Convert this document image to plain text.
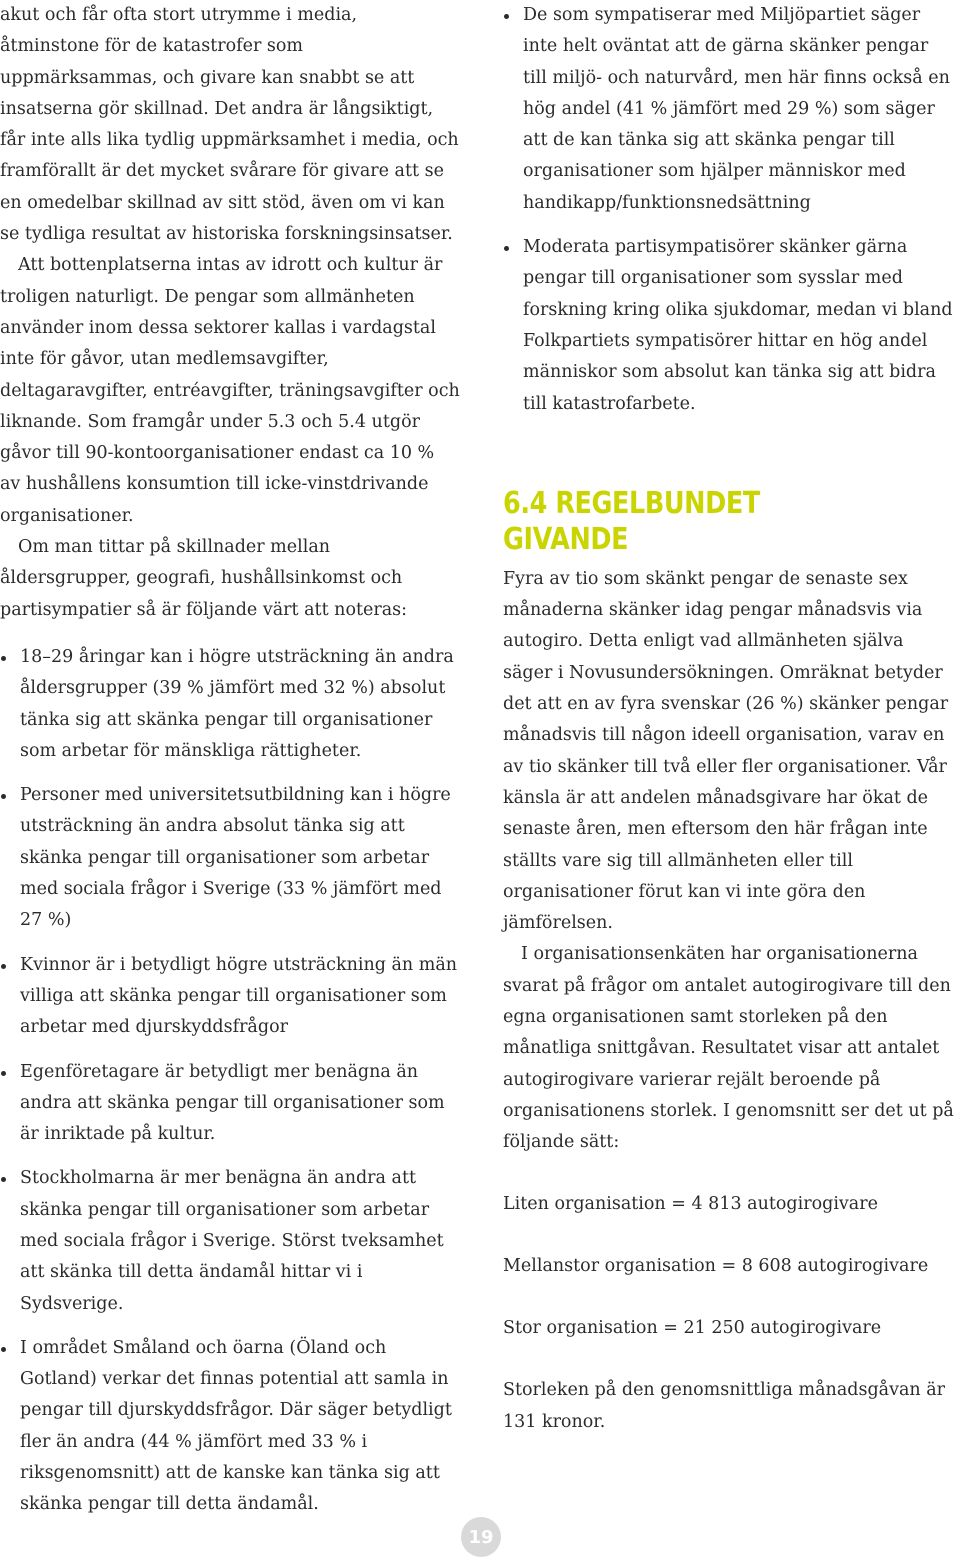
akut och får ofta stort utrymme i media, åtminstone för de katastrofer som uppmärksammas, och givare kan snabbt se att insatserna gör skillnad. Det andra är långsiktigt, får inte alls lika tydlig uppmärksamhet i media, och framförallt är det mycket svårare för givare att se en omedelbar skillnad av sitt stöd, även om vi kan se tydliga resultat av historiska forskningsinsatser.

Att bottenplatserna intas av idrott och kultur är troligen naturligt. De pengar som allmänheten använder inom dessa sektorer kallas i vardagstal inte för gåvor, utan medlemsavgifter, deltagaravgifter, entréavgifter, träningsavgifter och liknande. Som framgår under 5.3 och 5.4 utgör gåvor till 90-kontoorganisationer endast ca 10 % av hushållens konsumtion till icke-vinstdrivande organisationer.

Om man tittar på skillnader mellan åldersgrupper, geografi, hushållsinkomst och partisympatier så är följande värt att noteras:

18–29 åringar kan i högre utsträckning än andra åldersgrupper (39 % jämfört med 32 %) absolut tänka sig att skänka pengar till organisationer som arbetar för mänskliga rättigheter.
Personer med universitetsutbildning kan i högre utsträckning än andra absolut tänka sig att skänka pengar till organisationer som arbetar med sociala frågor i Sverige (33 % jämfört med 27 %)
Kvinnor är i betydligt högre utsträckning än män villiga att skänka pengar till organisationer som arbetar med djurskyddsfrågor
Egenföretagare är betydligt mer benägna än andra att skänka pengar till organisationer som är inriktade på kultur.
Stockholmarna är mer benägna än andra att skänka pengar till organisationer som arbetar med sociala frågor i Sverige. Störst tveksamhet att skänka till detta ändamål hittar vi i Sydsverige.
I området Småland och öarna (Öland och Gotland) verkar det finnas potential att samla in pengar till djurskyddsfrågor. Där säger betydligt fler än andra (44 % jämfört med 33 % i riksgenomsnitt) att de kanske kan tänka sig att skänka pengar till detta ändamål.
De som sympatiserar med Miljöpartiet säger inte helt oväntat att de gärna skänker pengar till miljö- och naturvård, men här finns också en hög andel (41 % jämfört med 29 %) som säger att de kan tänka sig att skänka pengar till organisationer som hjälper människor med handikapp/funktionsnedsättning
Moderata partisympatisörer skänker gärna pengar till organisationer som sysslar med forskning kring olika sjukdomar, medan vi bland Folkpartiets sympatisörer hittar en hög andel människor som absolut kan tänka sig att bidra till katastrofarbete.
6.4 REGELBUNDET GIVANDE

Fyra av tio som skänkt pengar de senaste sex månaderna skänker idag pengar månadsvis via autogiro. Detta enligt vad allmänheten själva säger i Novusundersökningen. Omräknat betyder det att en av fyra svenskar (26 %) skänker pengar månadsvis till någon ideell organisation, varav en av tio skänker till två eller fler organisationer. Vår känsla är att andelen månadsgivare har ökat de senaste åren, men eftersom den här frågan inte ställts vare sig till allmänheten eller till organisationer förut kan vi inte göra den jämförelsen.

I organisationsenkäten har organisationerna svarat på frågor om antalet autogirogivare till den egna organisationen samt storleken på den månatliga snittgåvan. Resultatet visar att antalet autogirogivare varierar rejält beroende på organisationens storlek. I genomsnitt ser det ut på följande sätt:

Liten organisation = 4 813 autogirogivare

Mellanstor organisation = 8 608 autogirogivare

Stor organisation = 21 250 autogirogivare

Storleken på den genomsnittliga månadsgåvan är 131 kronor.

19
